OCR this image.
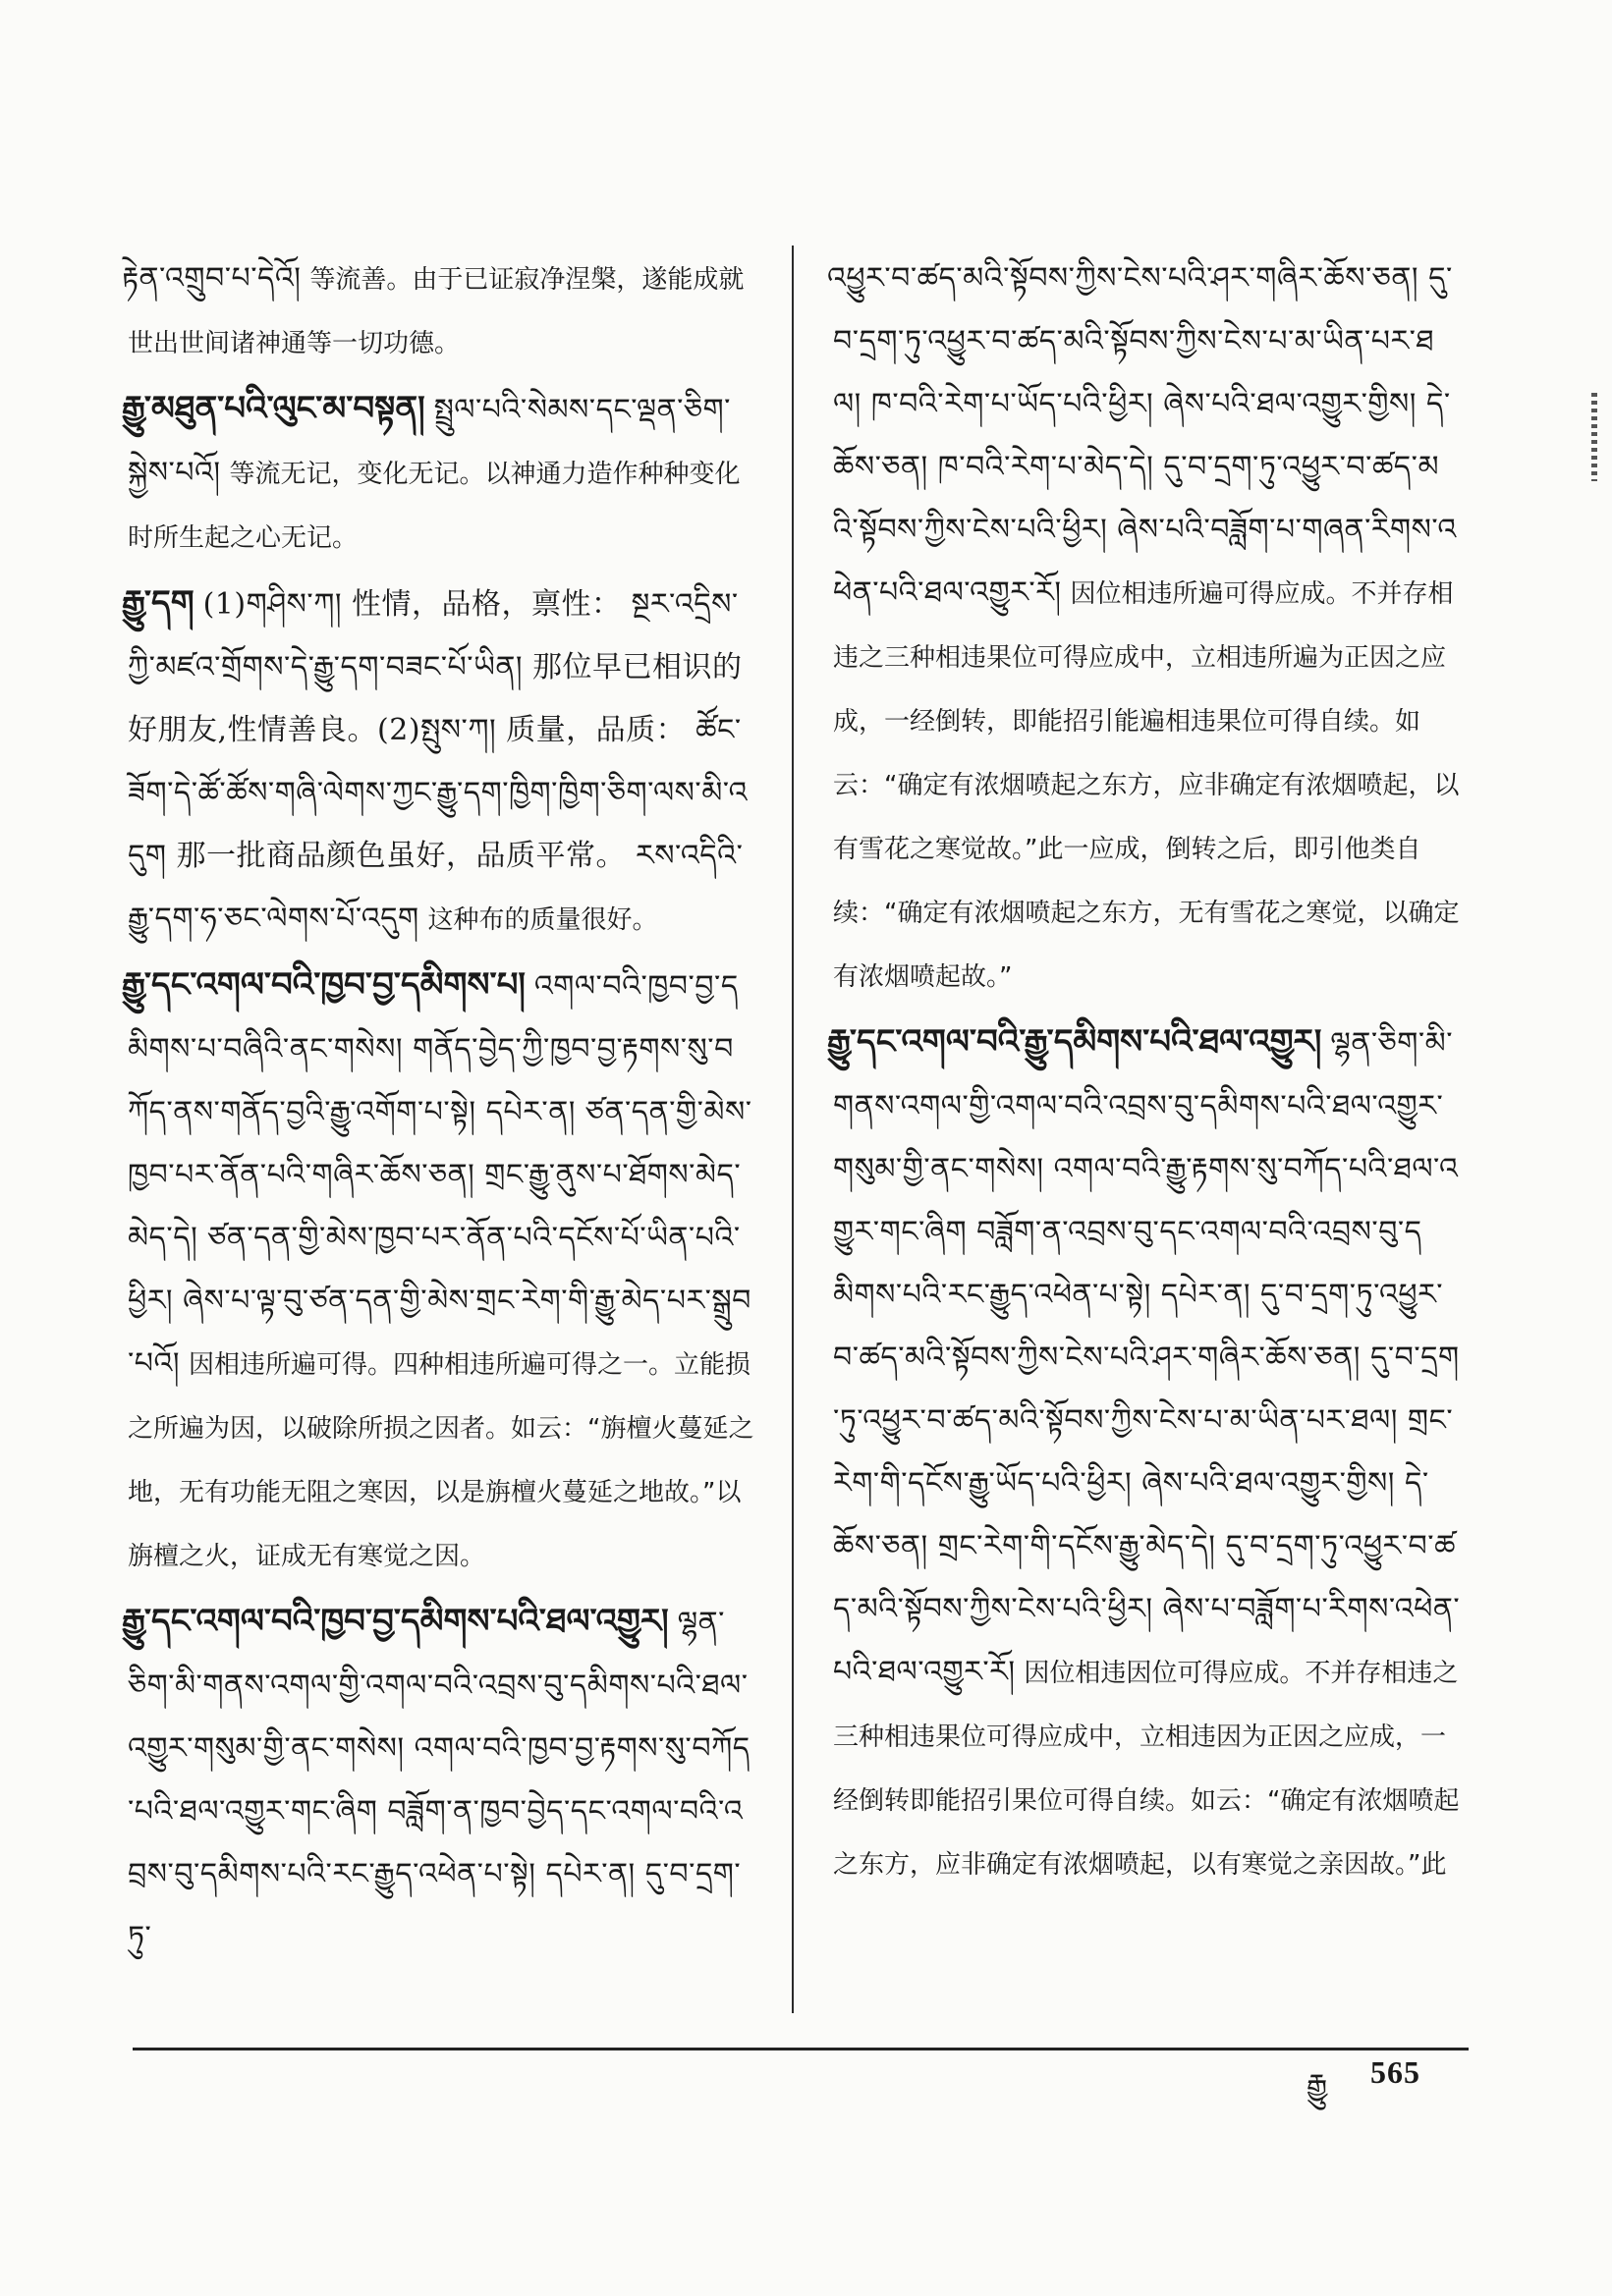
རྟེན་འགྲུབ་པ་དེའོ། 等流善。由于已证寂净涅槃，遂能成就世出世间诸神通等一切功德。
རྒྱུ་མཐུན་པའི་ལུང་མ་བསྟན། སྤྲུལ་པའི་སེམས་དང་ལྡན་ཅིག་སྐྱེས་པའོ། 等流无记，变化无记。以神通力造作种种变化时所生起之心无记。
རྒྱུ་དག (1)གཤིས་ཀ། 性情，品格，禀性： སྔར་འདྲིས་ཀྱི་མཛའ་གྲོགས་དེ་རྒྱུ་དག་བཟང་པོ་ཡིན། 那位早已相识的好朋友,性情善良。(2)སྤུས་ཀ། 质量，品质： ཚོང་ཟོག་དེ་ཚོ་ཚོས་གཞི་ལེགས་ཀྱང་རྒྱུ་དག་ཁྱིག་ཁྱིག་ཅིག་ལས་མི་འདུག 那一批商品颜色虽好，品质平常。 རས་འདིའི་རྒྱུ་དག་ཧ་ཅང་ལེགས་པོ་འདུག 这种布的质量很好。
རྒྱུ་དང་འགལ་བའི་ཁྱབ་བྱ་དམིགས་པ། འགལ་བའི་ཁྱབ་བྱ་དམིགས་པ་བཞིའི་ནང་གསེས། གནོད་བྱེད་ཀྱི་ཁྱབ་བྱ་རྟགས་སུ་བཀོད་ནས་གནོད་བྱའི་རྒྱུ་འགོག་པ་སྟེ། དཔེར་ན། ཙན་དན་གྱི་མེས་ཁྱབ་པར་ནོན་པའི་གཞིར་ཆོས་ཅན། གྲང་རྒྱུ་ནུས་པ་ཐོགས་མེད་མེད་དེ། ཙན་དན་གྱི་མེས་ཁྱབ་པར་ནོན་པའི་དངོས་པོ་ཡིན་པའི་ཕྱིར། ཞེས་པ་ལྟ་བུ་ཙན་དན་གྱི་མེས་གྲང་རེག་གི་རྒྱུ་མེད་པར་སྒྲུབ་པའོ། 因相违所遍可得。四种相违所遍可得之一。立能损之所遍为因，以破除所损之因者。如云：“旃檀火蔓延之地，无有功能无阻之寒因，以是旃檀火蔓延之地故。”以旃檀之火，证成无有寒觉之因。
རྒྱུ་དང་འགལ་བའི་ཁྱབ་བྱ་དམིགས་པའི་ཐལ་འགྱུར། ལྷན་ཅིག་མི་གནས་འགལ་གྱི་འགལ་བའི་འབྲས་བུ་དམིགས་པའི་ཐལ་འགྱུར་གསུམ་གྱི་ནང་གསེས། འགལ་བའི་ཁྱབ་བྱ་རྟགས་སུ་བཀོད་པའི་ཐལ་འགྱུར་གང་ཞིག བཟློག་ན་ཁྱབ་བྱེད་དང་འགལ་བའི་འབྲས་བུ་དམིགས་པའི་རང་རྒྱུད་འཕེན་པ་སྟེ། དཔེར་ན། དུ་བ་དྲག་ཏུ་
འཕྱུར་བ་ཚད་མའི་སྟོབས་ཀྱིས་ངེས་པའི་ཤར་གཞིར་ཆོས་ཅན། དུ་བ་དྲག་ཏུ་འཕྱུར་བ་ཚད་མའི་སྟོབས་ཀྱིས་ངེས་པ་མ་ཡིན་པར་ཐལ། ཁ་བའི་རེག་པ་ཡོད་པའི་ཕྱིར། ཞེས་པའི་ཐལ་འགྱུར་གྱིས། དེ་ཆོས་ཅན། ཁ་བའི་རེག་པ་མེད་དེ། དུ་བ་དྲག་ཏུ་འཕྱུར་བ་ཚད་མའི་སྟོབས་ཀྱིས་ངེས་པའི་ཕྱིར། ཞེས་པའི་བཟློག་པ་གཞན་རིགས་འཕེན་པའི་ཐལ་འགྱུར་རོ། 因位相违所遍可得应成。不并存相违之三种相违果位可得应成中，立相违所遍为正因之应成，一经倒转，即能招引能遍相违果位可得自续。如云：“确定有浓烟喷起之东方，应非确定有浓烟喷起，以有雪花之寒觉故。”此一应成，倒转之后，即引他类自续：“确定有浓烟喷起之东方，无有雪花之寒觉，以确定有浓烟喷起故。”
རྒྱུ་དང་འགལ་བའི་རྒྱུ་དམིགས་པའི་ཐལ་འགྱུར། ལྷན་ཅིག་མི་གནས་འགལ་གྱི་འགལ་བའི་འབྲས་བུ་དམིགས་པའི་ཐལ་འགྱུར་གསུམ་གྱི་ནང་གསེས། འགལ་བའི་རྒྱུ་རྟགས་སུ་བཀོད་པའི་ཐལ་འགྱུར་གང་ཞིག བཟློག་ན་འབྲས་བུ་དང་འགལ་བའི་འབྲས་བུ་དམིགས་པའི་རང་རྒྱུད་འཕེན་པ་སྟེ། དཔེར་ན། དུ་བ་དྲག་ཏུ་འཕྱུར་བ་ཚད་མའི་སྟོབས་ཀྱིས་ངེས་པའི་ཤར་གཞིར་ཆོས་ཅན། དུ་བ་དྲག་ཏུ་འཕྱུར་བ་ཚད་མའི་སྟོབས་ཀྱིས་ངེས་པ་མ་ཡིན་པར་ཐལ། གྲང་རེག་གི་དངོས་རྒྱུ་ཡོད་པའི་ཕྱིར། ཞེས་པའི་ཐལ་འགྱུར་གྱིས། དེ་ཆོས་ཅན། གྲང་རེག་གི་དངོས་རྒྱུ་མེད་དེ། དུ་བ་དྲག་ཏུ་འཕྱུར་བ་ཚད་མའི་སྟོབས་ཀྱིས་ངེས་པའི་ཕྱིར། ཞེས་པ་བཟློག་པ་རིགས་འཕེན་པའི་ཐལ་འགྱུར་རོ། 因位相违因位可得应成。不并存相违之三种相违果位可得应成中，立相违因为正因之应成，一经倒转即能招引果位可得自续。如云：“确定有浓烟喷起之东方，应非确定有浓烟喷起，以有寒觉之亲因故。”此
རྒྱུ 565
